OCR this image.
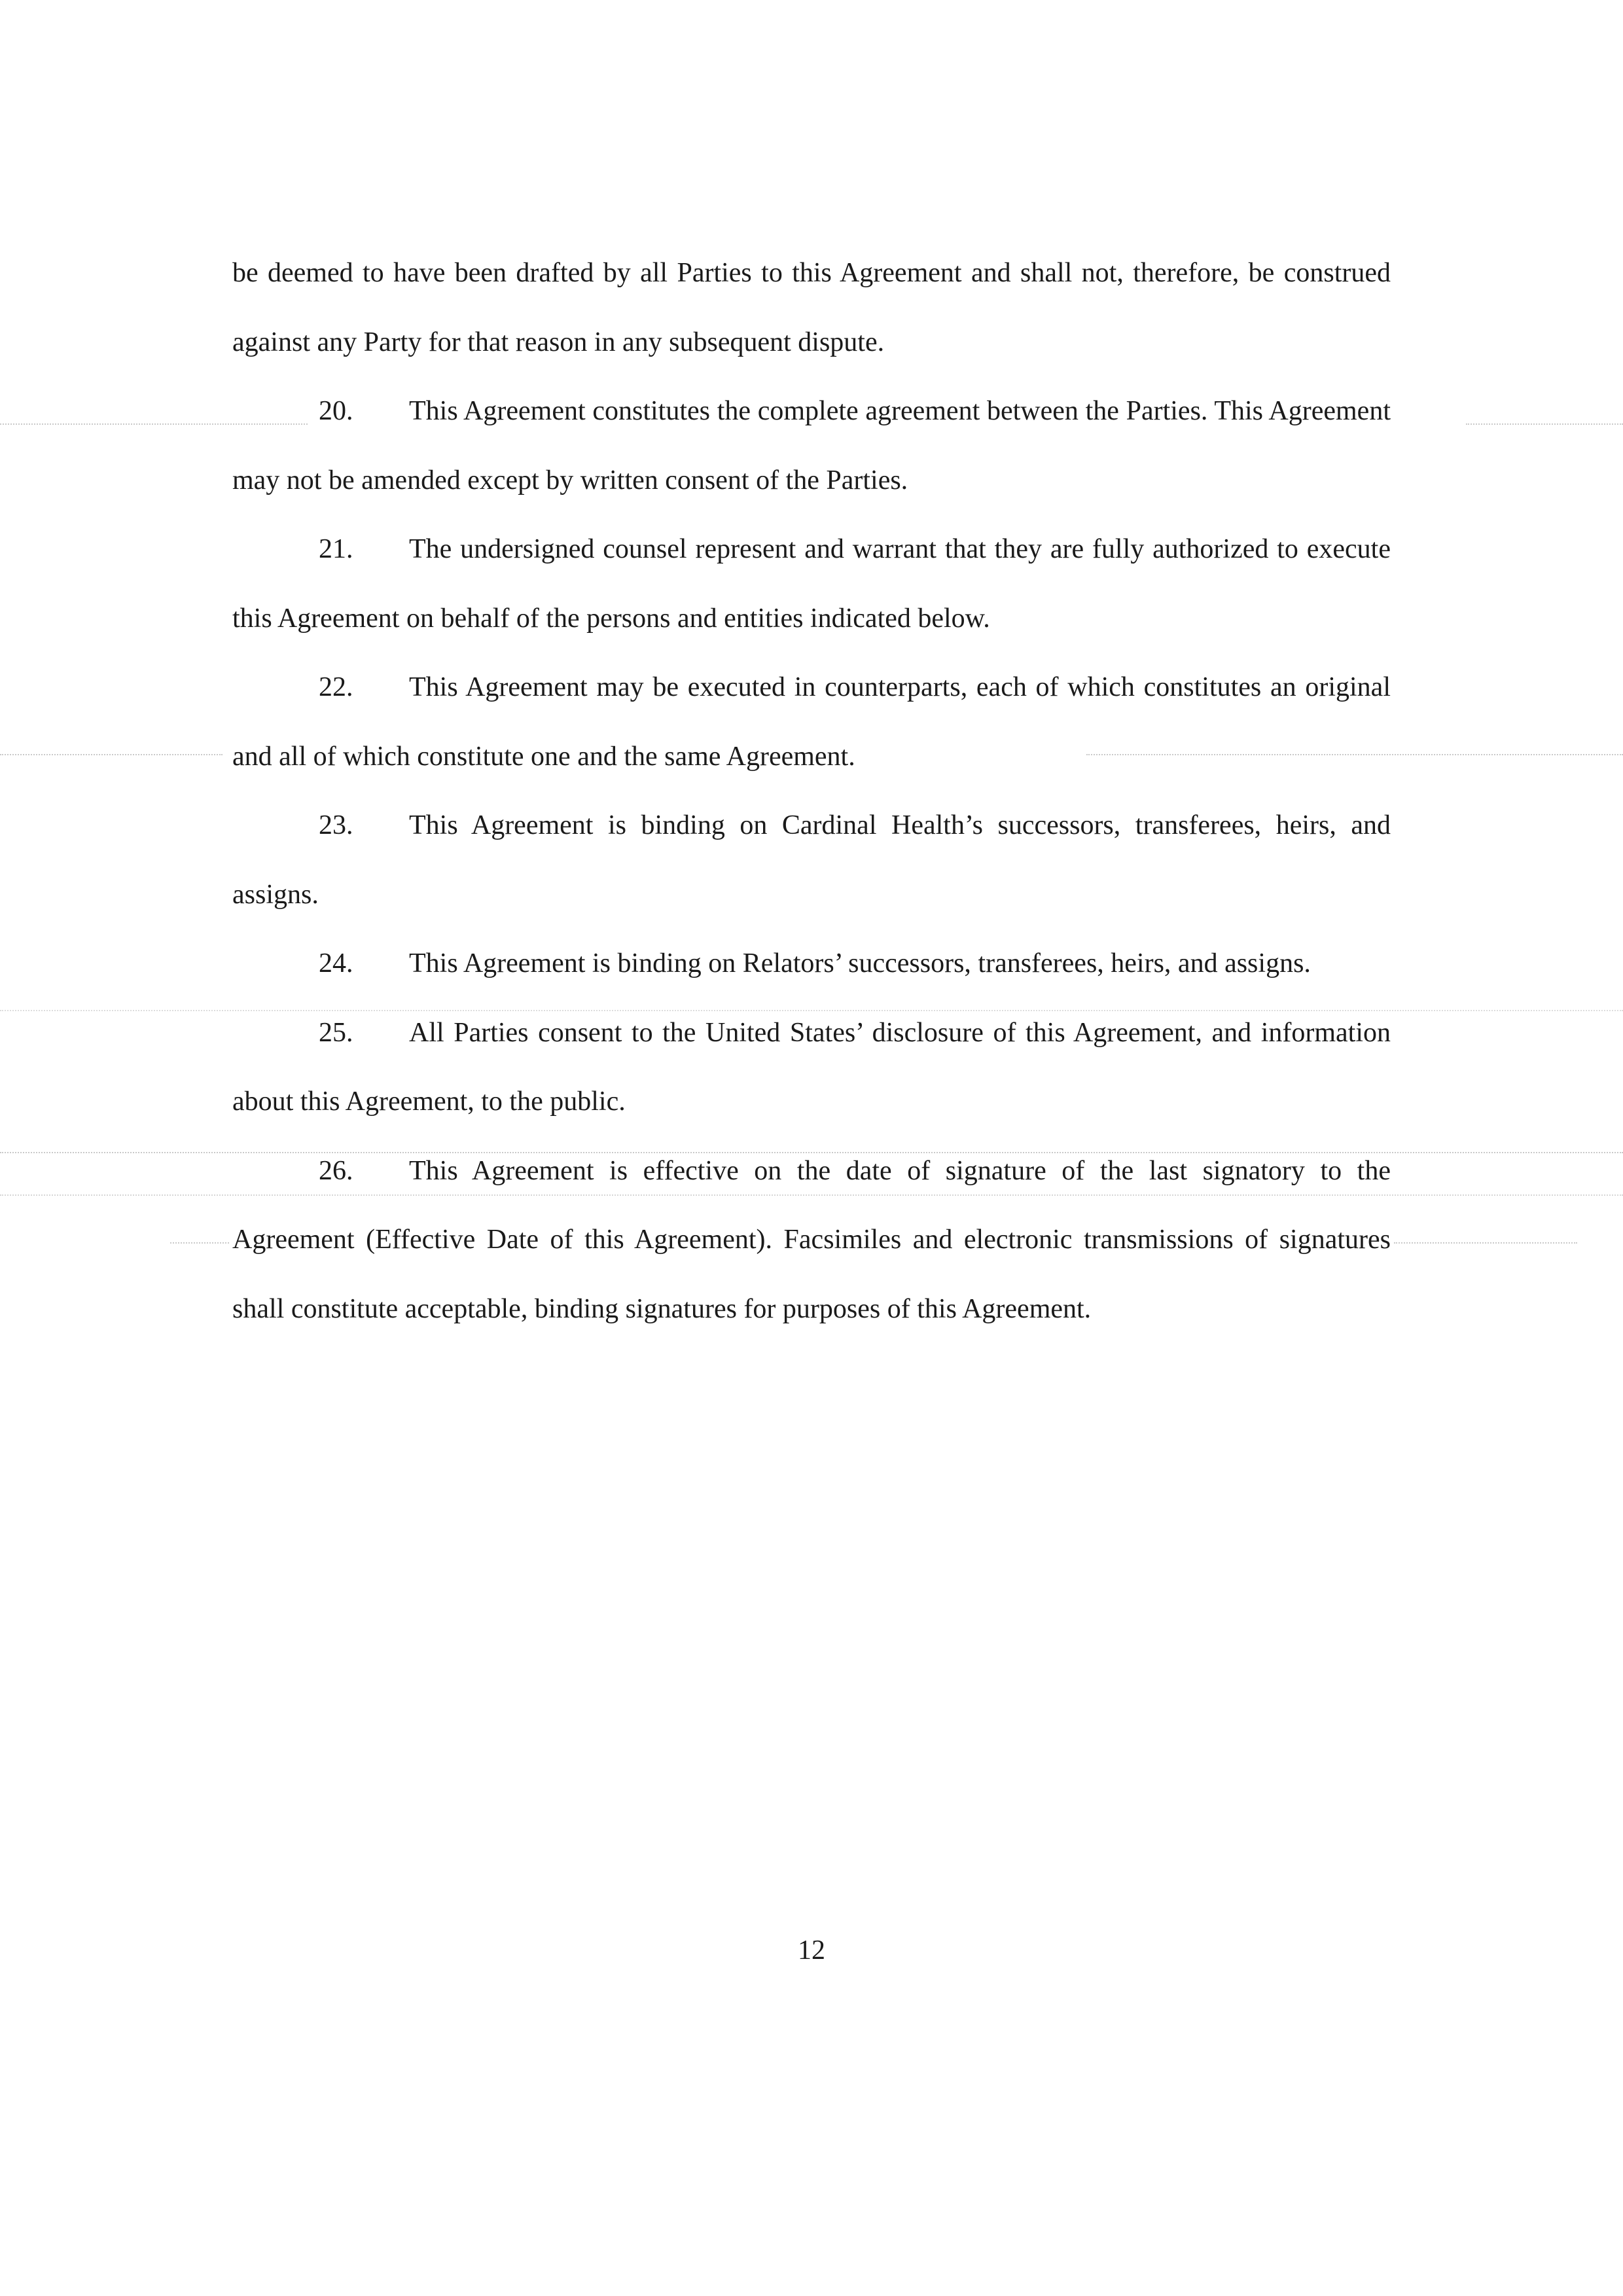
be deemed to have been drafted by all Parties to this Agreement and shall not, therefore, be construed against any Party for that reason in any subsequent dispute.

20. This Agreement constitutes the complete agreement between the Parties. This Agreement may not be amended except by written consent of the Parties.

21. The undersigned counsel represent and warrant that they are fully authorized to execute this Agreement on behalf of the persons and entities indicated below.

22. This Agreement may be executed in counterparts, each of which constitutes an original and all of which constitute one and the same Agreement.

23. This Agreement is binding on Cardinal Health’s successors, transferees, heirs, and assigns.

24. This Agreement is binding on Relators’ successors, transferees, heirs, and assigns.

25. All Parties consent to the United States’ disclosure of this Agreement, and information about this Agreement, to the public.

26. This Agreement is effective on the date of signature of the last signatory to the Agreement (Effective Date of this Agreement). Facsimiles and electronic transmissions of signatures shall constitute acceptable, binding signatures for purposes of this Agreement.

12
